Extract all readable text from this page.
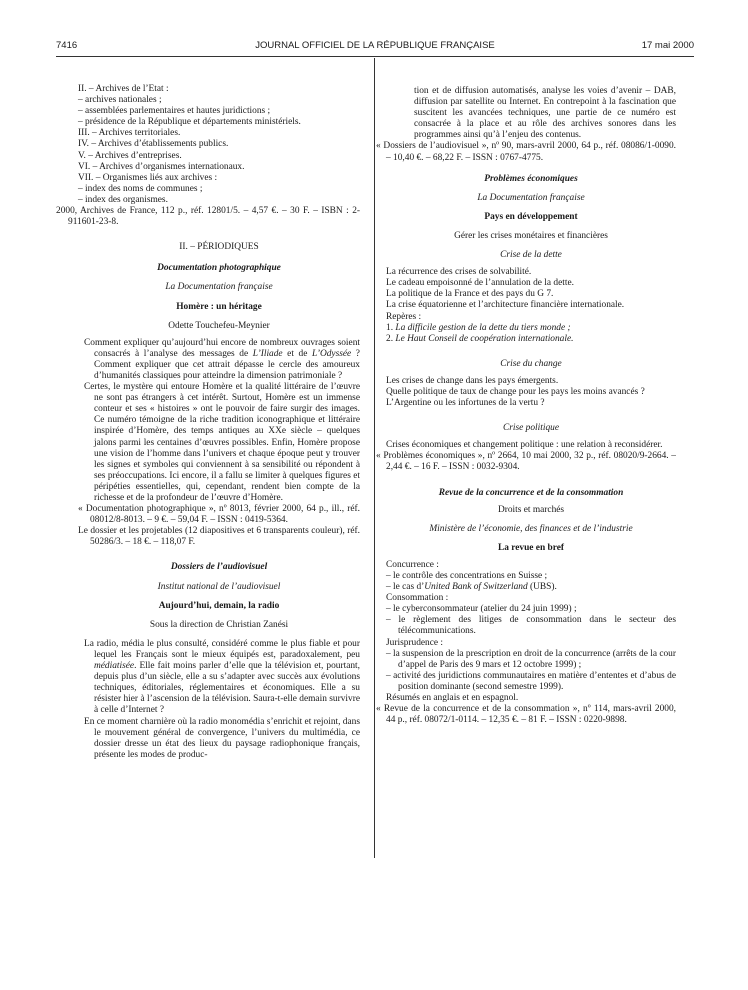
7416	JOURNAL OFFICIEL DE LA RÉPUBLIQUE FRANÇAISE	17 mai 2000

II. – Archives de l’Etat :

– archives nationales ;

– assemblées parlementaires et hautes juridictions ;

– présidence de la République et départements ministériels.

III. – Archives territoriales.

IV. – Archives d’établissements publics.

V. – Archives d’entreprises.

VI. – Archives d’organismes internationaux.

VII. – Organismes liés aux archives :

– index des noms de communes ;

– index des organismes.

2000, Archives de France, 112 p., réf. 12801/5. – 4,57 €. – 30 F. – ISBN : 2-911601-23-8.

II. – PÉRIODIQUES

Documentation photographique

La Documentation française

Homère : un héritage

Odette Touchefeu-Meynier

Comment expliquer qu’aujourd’hui encore de nombreux ouvrages soient consacrés à l’analyse des messages de L’Iliade et de L’Odyssée ? Comment expliquer que cet attrait dépasse le cercle des amoureux d’humanités classiques pour atteindre la dimension patrimoniale ?

Certes, le mystère qui entoure Homère et la qualité littéraire de l’œuvre ne sont pas étrangers à cet intérêt. Surtout, Homère est un immense conteur et ses « histoires » ont le pouvoir de faire surgir des images. Ce numéro témoigne de la riche tradition iconographique et littéraire inspirée d’Homère, des temps antiques au XXe siècle – quelques jalons parmi les centaines d’œuvres possibles. Enfin, Homère propose une vision de l’homme dans l’univers et chaque époque peut y trouver les signes et symboles qui conviennent à sa sensibilité ou répondent à ses préoccupations. Ici encore, il a fallu se limiter à quelques figures et péripéties essentielles, qui, cependant, rendent bien compte de la richesse et de la profondeur de l’œuvre d’Homère.

« Documentation photographique », nº 8013, février 2000, 64 p., ill., réf. 08012/8-8013. – 9 €. – 59,04 F. – ISSN : 0419-5364.

Le dossier et les projetables (12 diapositives et 6 transparents couleur), réf. 50286/3. – 18 €. – 118,07 F.

Dossiers de l’audiovisuel

Institut national de l’audiovisuel

Aujourd’hui, demain, la radio

Sous la direction de Christian Zanési

La radio, média le plus consulté, considéré comme le plus fiable et pour lequel les Français sont le mieux équipés est, paradoxalement, peu médiatisée. Elle fait moins parler d’elle que la télévision et, pourtant, depuis plus d’un siècle, elle a su s’adapter avec succès aux évolutions techniques, éditoriales, réglementaires et économiques. Elle a su résister hier à l’ascension de la télévision. Saura-t-elle demain survivre à celle d’Internet ?

En ce moment charnière où la radio monomédia s’enrichit et rejoint, dans le mouvement général de convergence, l’univers du multimédia, ce dossier dresse un état des lieux du paysage radiophonique français, présente les modes de produc-

tion et de diffusion automatisés, analyse les voies d’avenir – DAB, diffusion par satellite ou Internet. En contrepoint à la fascination que suscitent les avancées techniques, une partie de ce numéro est consacrée à la place et au rôle des archives sonores dans les programmes ainsi qu’à l’enjeu des contenus.

« Dossiers de l’audiovisuel », nº 90, mars-avril 2000, 64 p., réf. 08086/1-0090. – 10,40 €. – 68,22 F. – ISSN : 0767-4775.

Problèmes économiques

La Documentation française

Pays en développement

Gérer les crises monétaires et financières

Crise de la dette

La récurrence des crises de solvabilité.

Le cadeau empoisonné de l’annulation de la dette.

La politique de la France et des pays du G 7.

La crise équatorienne et l’architecture financière internationale.

Repères :

1. La difficile gestion de la dette du tiers monde ;

2. Le Haut Conseil de coopération internationale.

Crise du change

Les crises de change dans les pays émergents.

Quelle politique de taux de change pour les pays les moins avancés ?

L’Argentine ou les infortunes de la vertu ?

Crise politique

Crises économiques et changement politique : une relation à reconsidérer.

« Problèmes économiques », nº 2664, 10 mai 2000, 32 p., réf. 08020/9-2664. – 2,44 €. – 16 F. – ISSN : 0032-9304.

Revue de la concurrence et de la consommation

Droits et marchés

Ministère de l’économie, des finances et de l’industrie

La revue en bref

Concurrence :

– le contrôle des concentrations en Suisse ;

– le cas d’United Bank of Switzerland (UBS).

Consommation :

– le cyberconsommateur (atelier du 24 juin 1999) ;

– le règlement des litiges de consommation dans le secteur des télécommunications.

Jurisprudence :

– la suspension de la prescription en droit de la concurrence (arrêts de la cour d’appel de Paris des 9 mars et 12 octobre 1999) ;

– activité des juridictions communautaires en matière d’ententes et d’abus de position dominante (second semestre 1999).

Résumés en anglais et en espagnol.

« Revue de la concurrence et de la consommation », nº 114, mars-avril 2000, 44 p., réf. 08072/1-0114. – 12,35 €. – 81 F. – ISSN : 0220-9898.
